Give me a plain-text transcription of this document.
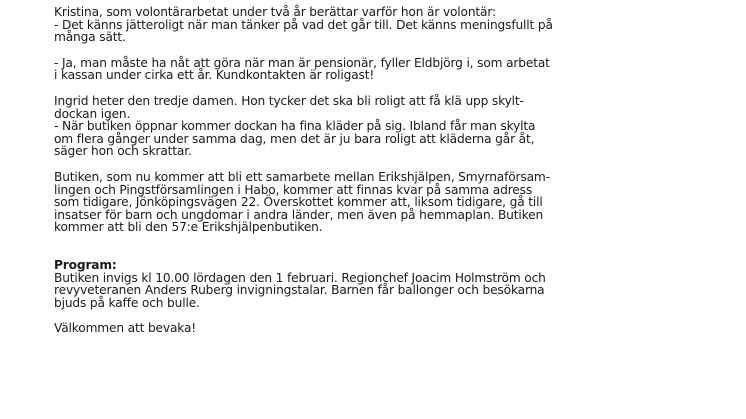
Kristina, som volontärarbetat under två år berättar varför hon är volontär:
- Det känns jätteroligt när man tänker på vad det går till. Det känns meningsfullt på
många sätt.

- Ja, man måste ha nåt att göra när man är pensionär, fyller Eldbjörg i, som arbetat
i kassan under cirka ett år. Kundkontakten är roligast!

Ingrid heter den tredje damen. Hon tycker det ska bli roligt att få klä upp skylt-
dockan igen.
- När butiken öppnar kommer dockan ha fina kläder på sig. Ibland får man skylta
om flera gånger under samma dag, men det är ju bara roligt att kläderna går åt,
säger hon och skrattar.

Butiken, som nu kommer att bli ett samarbete mellan Erikshjälpen, Smyrnaförsam-
lingen och Pingstförsamlingen i Habo, kommer att finnas kvar på samma adress
som tidigare, Jönköpingsvägen 22. Överskottet kommer att, liksom tidigare, gå till
insatser för barn och ungdomar i andra länder, men även på hemmaplan. Butiken
kommer att bli den 57:e Erikshjälpenbutiken.

Program:
Butiken invigs kl 10.00 lördagen den 1 februari. Regionchef Joacim Holmström och
revyveteranen Anders Ruberg invigningstalar. Barnen får ballonger och besökarna
bjuds på kaffe och bulle.

Välkommen att bevaka!
